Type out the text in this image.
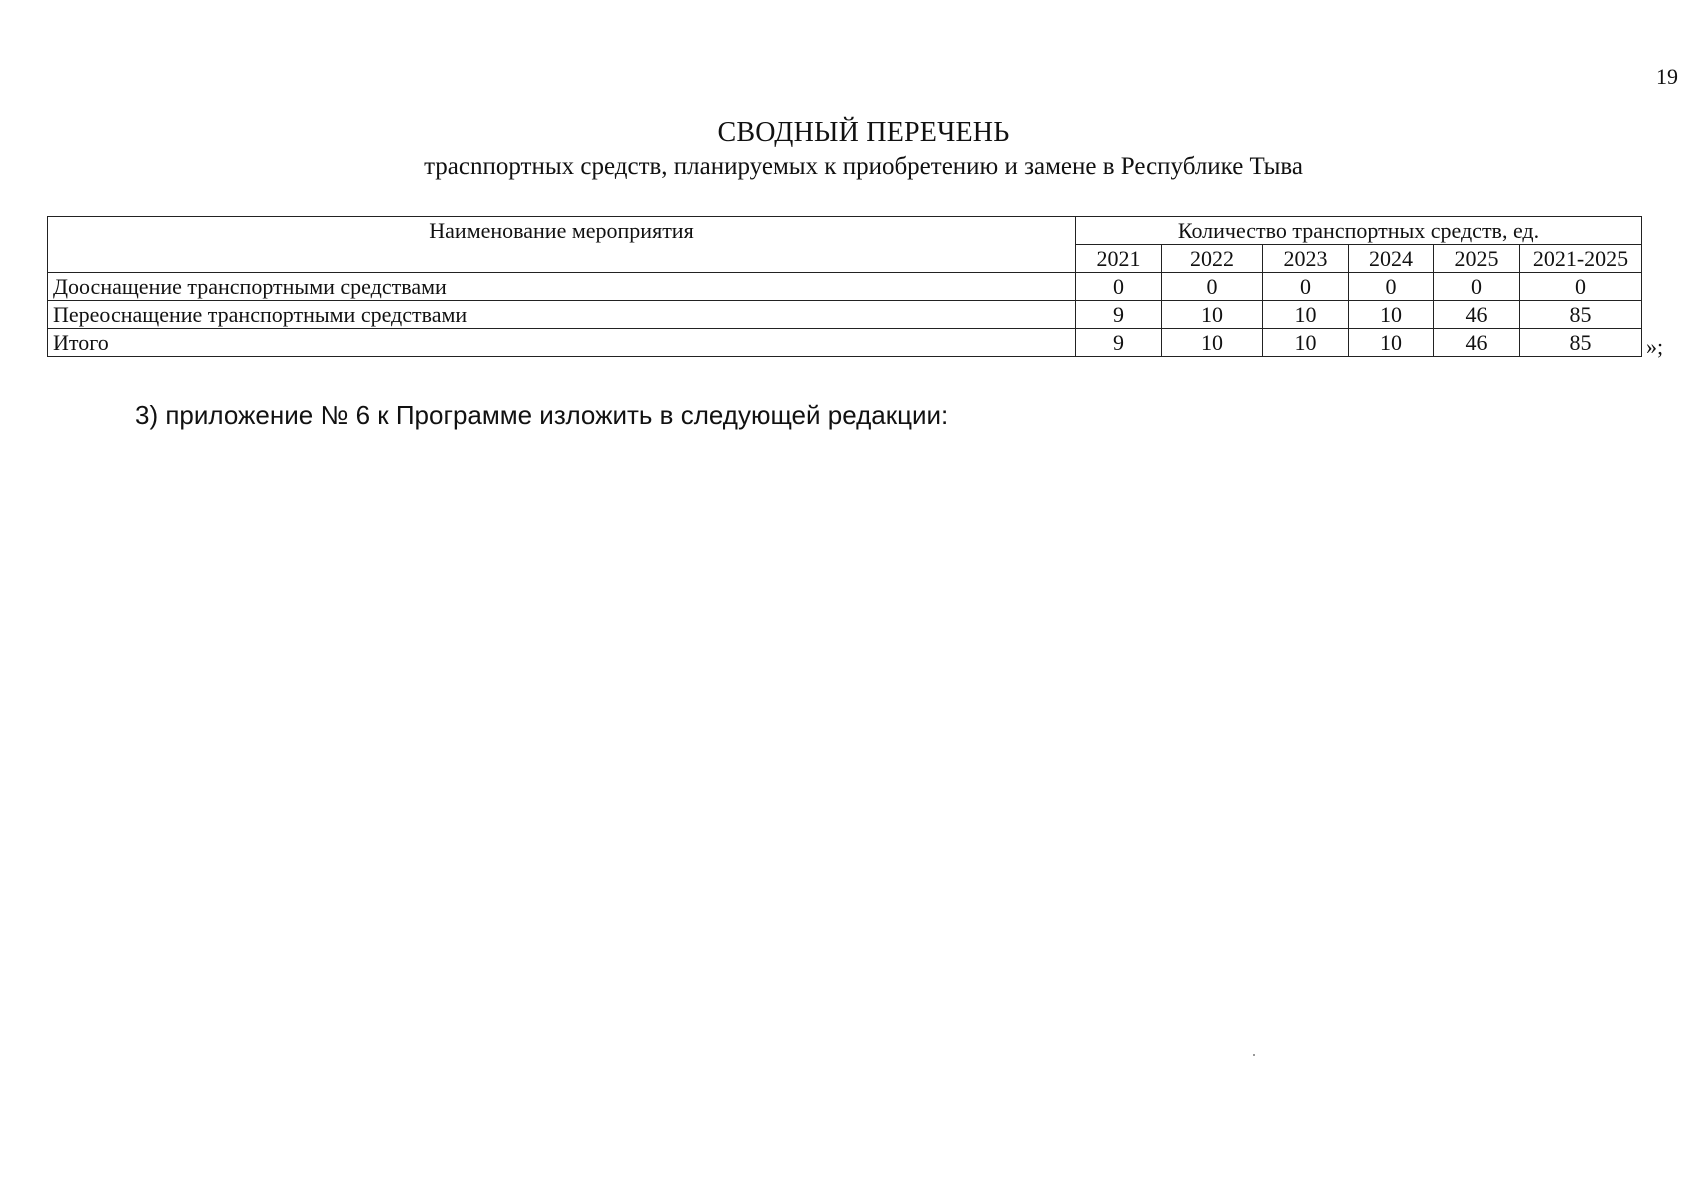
19
СВОДНЫЙ ПЕРЕЧЕНЬ
трасnпортных средств, планируемых к приобретению и замене в Республике Тыва
Наименование мероприятия	Количество транспортных средств, ед.					
	2021	2022	2023	2024	2025	2021-2025
Дооснащение транспортными средствами	0	0	0	0	0	0
Переоснащение транспортными средствами	9	10	10	10	46	85
Итого	9	10	10	10	46	85 »;
3) приложение № 6 к Программе изложить в следующей редакции:
